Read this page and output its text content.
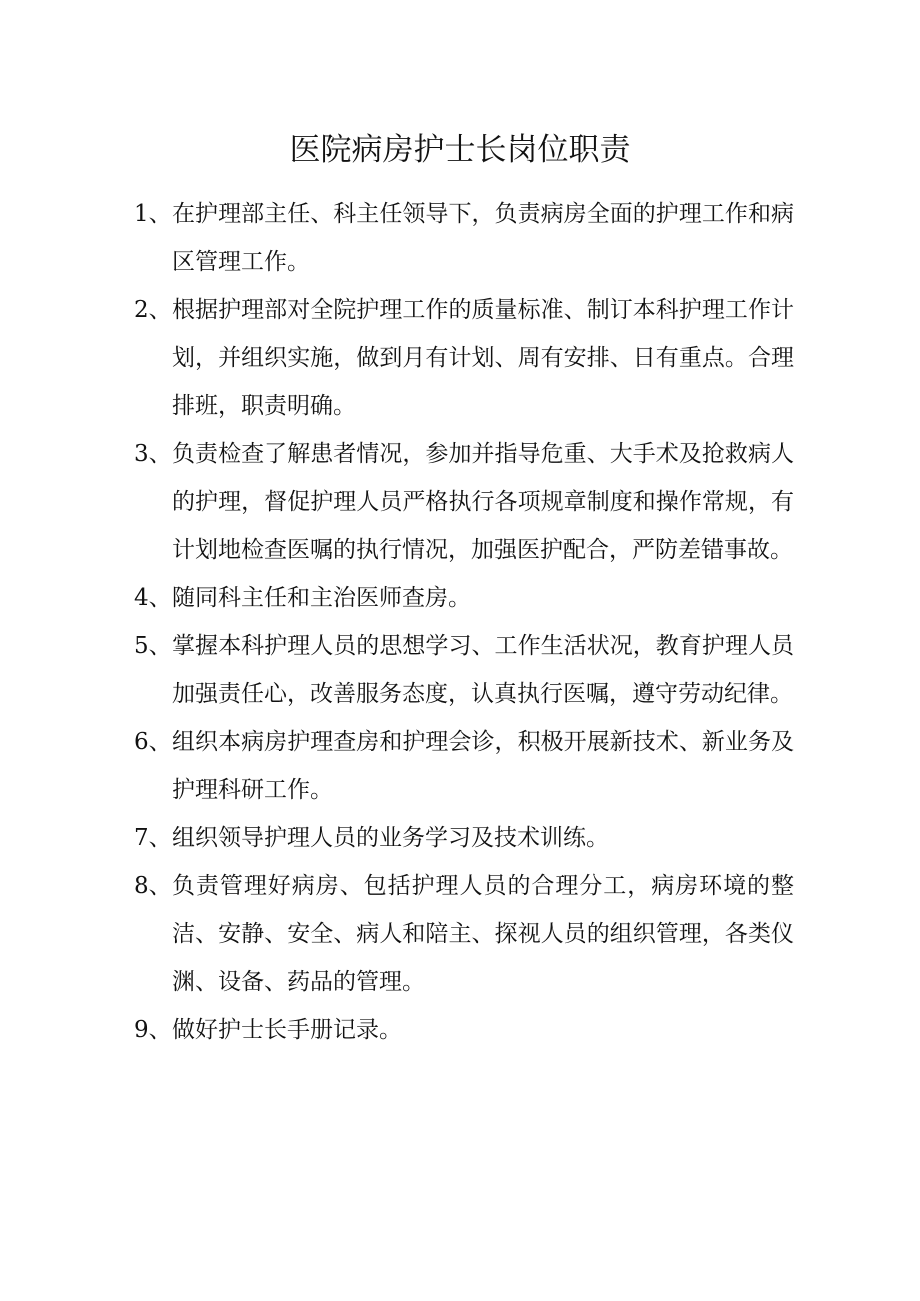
医院病房护士长岗位职责
1、 在护理部主任、科主任领导下，负责病房全面的护理工作和病区管理工作。
2、 根据护理部对全院护理工作的质量标准、制订本科护理工作计划，并组织实施，做到月有计划、周有安排、日有重点。合理排班，职责明确。
3、 负责检查了解患者情况，参加并指导危重、大手术及抢救病人的护理，督促护理人员严格执行各项规章制度和操作常规，有计划地检查医嘱的执行情况，加强医护配合，严防差错事故。
4、 随同科主任和主治医师查房。
5、 掌握本科护理人员的思想学习、工作生活状况，教育护理人员加强责任心，改善服务态度，认真执行医嘱，遵守劳动纪律。
6、 组织本病房护理查房和护理会诊，积极开展新技术、新业务及护理科研工作。
7、 组织领导护理人员的业务学习及技术训练。
8、 负责管理好病房、包括护理人员的合理分工，病房环境的整洁、安静、安全、病人和陪主、探视人员的组织管理，各类仪渊、设备、药品的管理。
9、 做好护士长手册记录。
